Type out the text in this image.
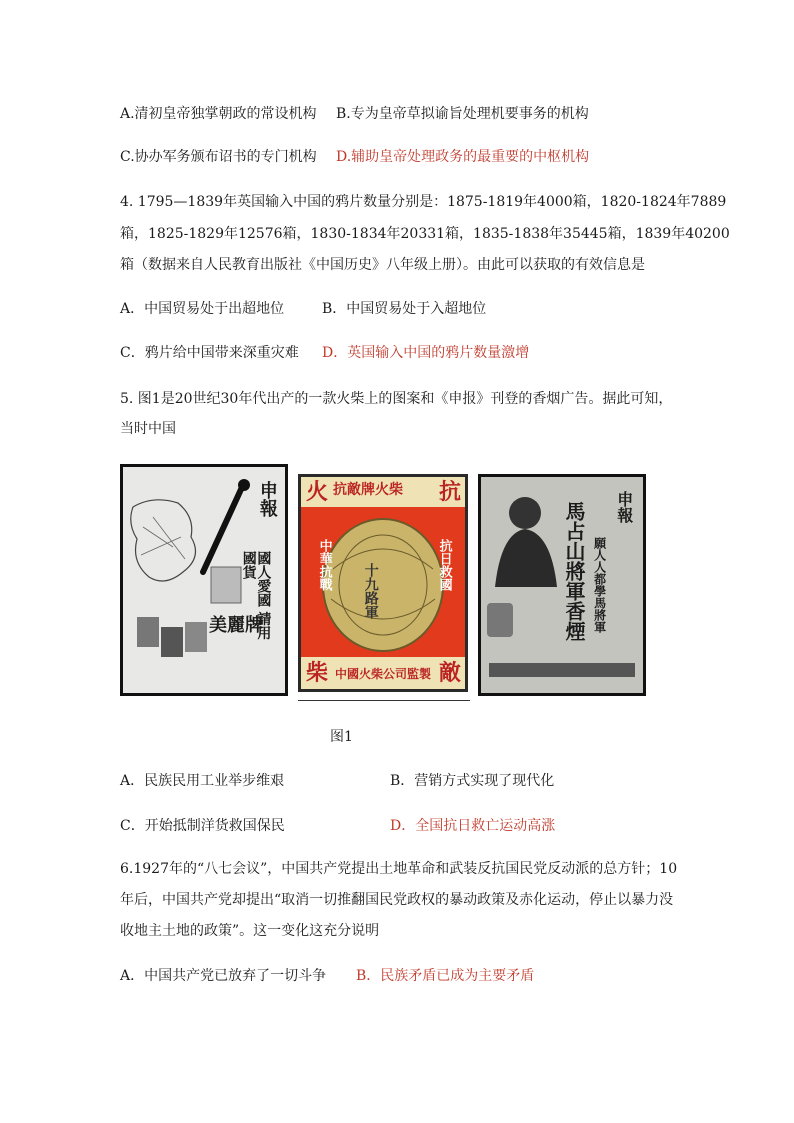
A.清初皇帝独掌朝政的常设机构 B.专为皇帝草拟谕旨处理机要事务的机构
C.协办军务颁布诏书的专门机构 D.辅助皇帝处理政务的最重要的中枢机构
4. 1795—1839年英国输入中国的鸦片数量分别是：1875-1819年4000箱，1820-1824年7889
箱，1825-1829年12576箱，1830-1834年20331箱，1835-1838年35445箱，1839年40200
箱（数据来自人民教育出版社《中国历史》八年级上册）。由此可以获取的有效信息是
A．中国贸易处于出超地位	B．中国贸易处于入超地位
C．鸦片给中国带来深重灾难 D．英国输入中国的鸦片数量激增
5. 图1是20世纪30年代出产的一款火柴上的图案和《申报》刊登的香烟广告。据此可知，
当时中国
申報
國人愛國 請用國貨
美麗牌
抗敵牌火柴
火	抗
柴	敵
中國火柴公司監製
中華抗戰	抗日救國
十九路軍
申報
馬占山將軍香煙 願人人都學馬將軍
图1
A．民族民用工业举步维艰	B．营销方式实现了现代化
C．开始抵制洋货救国保民	D．全国抗日救亡运动高涨
6.1927年的“八七会议”，中国共产党提出土地革命和武装反抗国民党反动派的总方针；10
年后，中国共产党却提出“取消一切推翻国民党政权的暴动政策及赤化运动，停止以暴力没
收地主土地的政策”。这一变化这充分说明
A．中国共产党已放弃了一切斗争 B．民族矛盾已成为主要矛盾
